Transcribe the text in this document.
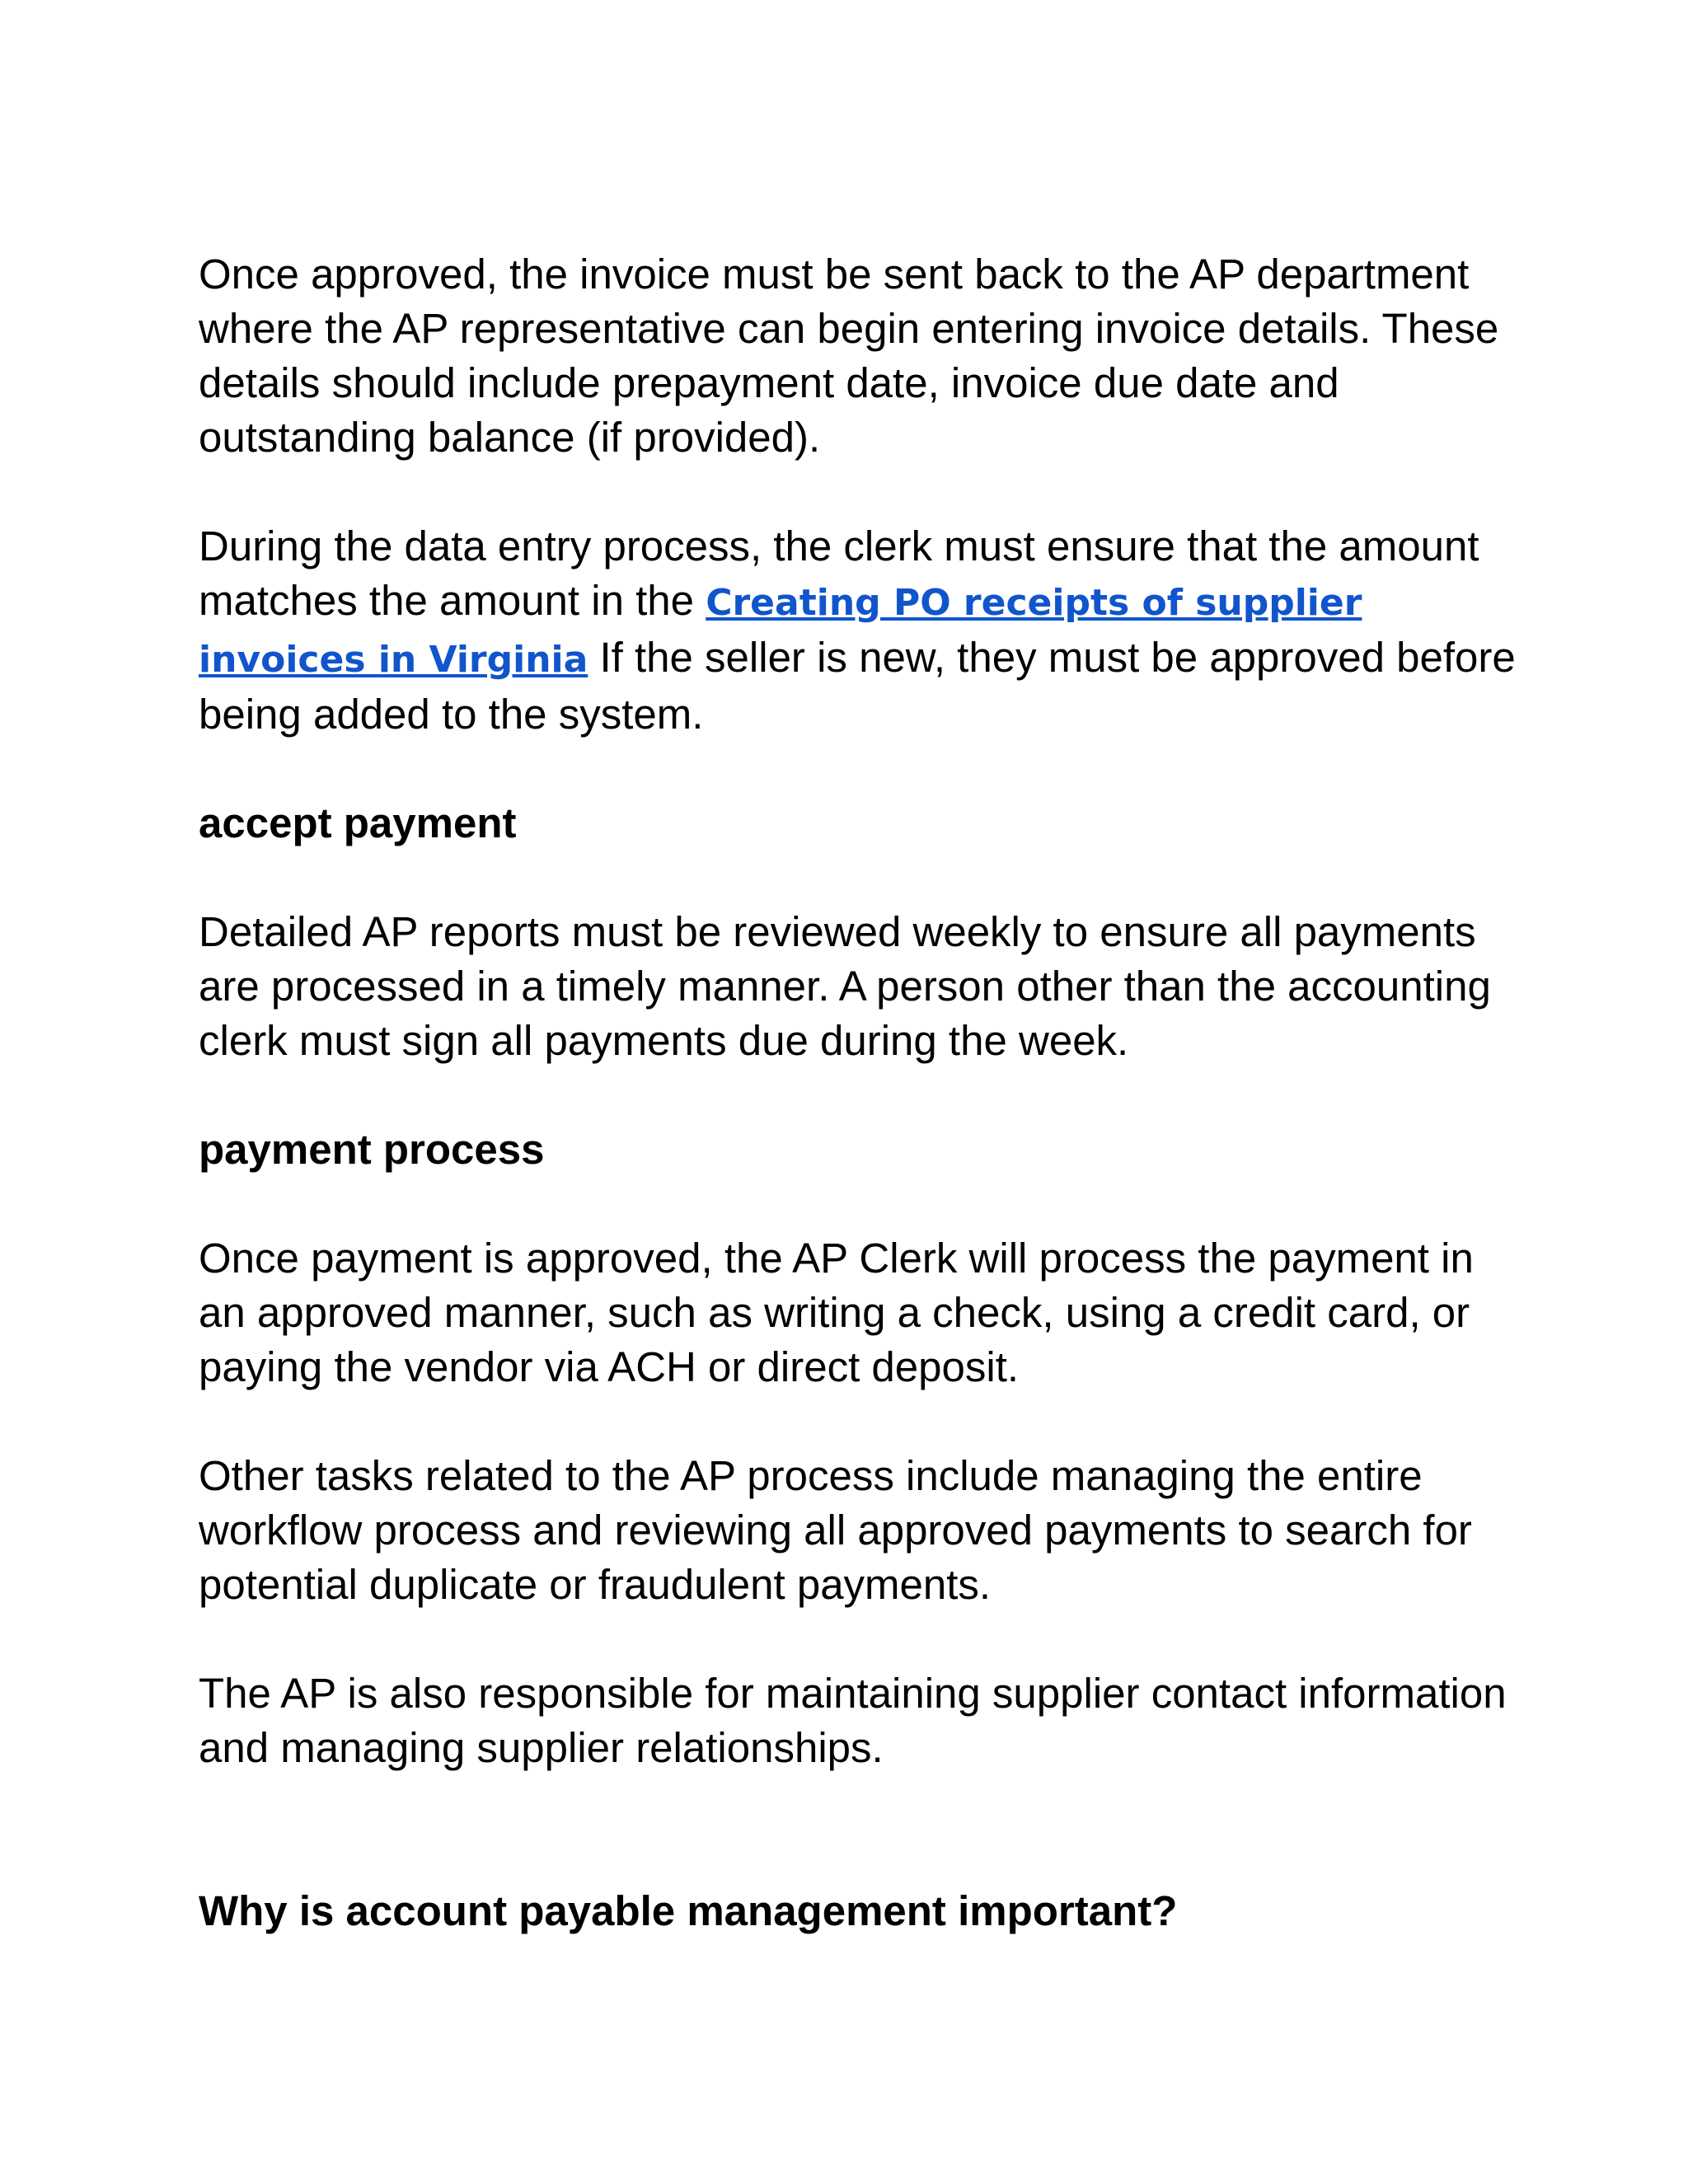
Once approved, the invoice must be sent back to the AP department where the AP representative can begin entering invoice details. These details should include prepayment date, invoice due date and outstanding balance (if provided).

During the data entry process, the clerk must ensure that the amount matches the amount in the Creating PO receipts of supplier invoices in Virginia If the seller is new, they must be approved before being added to the system.

accept payment

Detailed AP reports must be reviewed weekly to ensure all payments are processed in a timely manner. A person other than the accounting clerk must sign all payments due during the week.

payment process

Once payment is approved, the AP Clerk will process the payment in an approved manner, such as writing a check, using a credit card, or paying the vendor via ACH or direct deposit.

Other tasks related to the AP process include managing the entire workflow process and reviewing all approved payments to search for potential duplicate or fraudulent payments.

The AP is also responsible for maintaining supplier contact information and managing supplier relationships.

Why is account payable management important?
